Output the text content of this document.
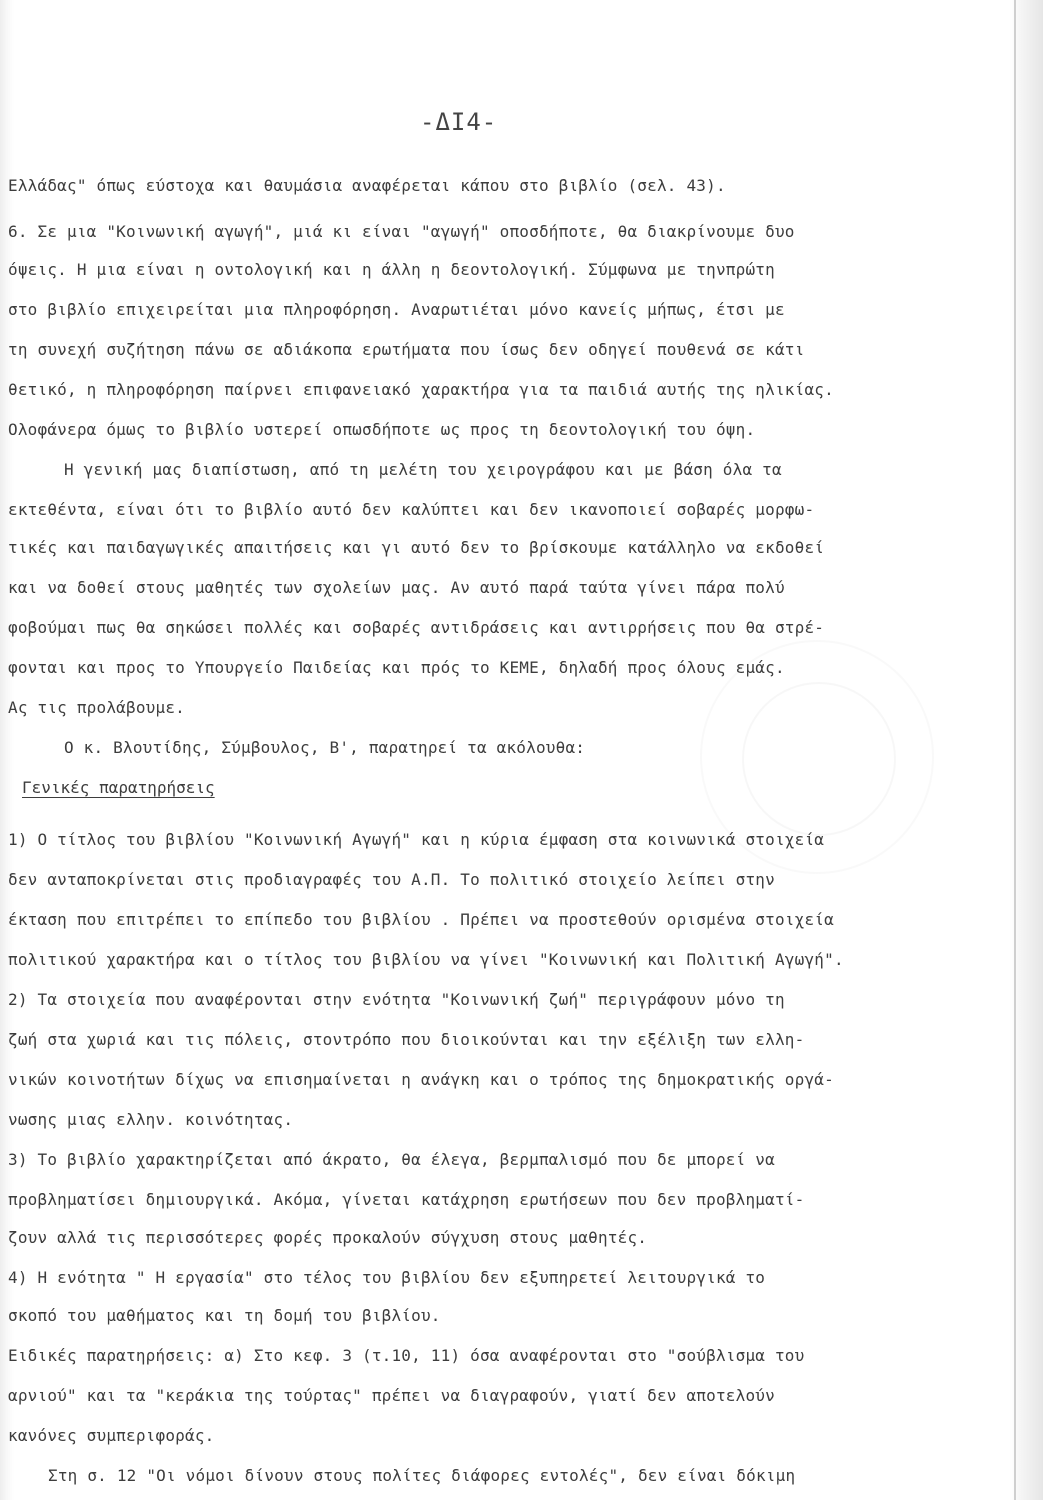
-ΔΙ4-
Ελλάδας" όπως εύστοχα και θαυμάσια αναφέρεται κάπου στο βιβλίο (σελ. 43).
6. Σε μια "Κοινωνική αγωγή", μιά κι είναι "αγωγή" οποσδήποτε, θα διακρίνουμε δυο
όψεις. Η μια είναι η οντολογική και η άλλη η δεοντολογική. Σύμφωνα με τηνπρώτη
στο βιβλίο επιχειρείται μια πληροφόρηση. Αναρωτιέται μόνο κανείς μήπως, έτσι με
τη συνεχή συζήτηση πάνω σε αδιάκοπα ερωτήματα που ίσως δεν οδηγεί πουθενά σε κάτι
θετικό, η πληροφόρηση παίρνει επιφανειακό χαρακτήρα για τα παιδιά αυτής της ηλικίας.
Ολοφάνερα όμως το βιβλίο υστερεί οπωσδήποτε ως προς τη δεοντολογική του όψη.
Η γενική μας διαπίστωση, από τη μελέτη του χειρογράφου και με βάση όλα τα
εκτεθέντα, είναι ότι το βιβλίο αυτό δεν καλύπτει και δεν ικανοποιεί σοβαρές μορφω-
τικές και παιδαγωγικές απαιτήσεις και γι αυτό δεν το βρίσκουμε κατάλληλο να εκδοθεί
και να δοθεί στους μαθητές των σχολείων μας. Αν αυτό παρά ταύτα γίνει πάρα πολύ
φοβούμαι πως θα σηκώσει πολλές και σοβαρές αντιδράσεις και αντιρρήσεις που θα στρέ-
φονται και προς το Υπουργείο Παιδείας και πρός το ΚΕΜΕ, δηλαδή προς όλους εμάς.
Ας τις προλάβουμε.
Ο κ. Βλουτίδης, Σύμβουλος, Β', παρατηρεί τα ακόλουθα:
Γενικές παρατηρήσεις
1) Ο τίτλος του βιβλίου "Κοινωνική Αγωγή" και η κύρια έμφαση στα κοινωνικά στοιχεία
δεν ανταποκρίνεται στις προδιαγραφές του Α.Π. Το πολιτικό στοιχείο λείπει στην
έκταση που επιτρέπει το επίπεδο του βιβλίου . Πρέπει να προστεθούν ορισμένα στοιχεία
πολιτικού χαρακτήρα και ο τίτλος του βιβλίου να γίνει "Κοινωνική και Πολιτική Αγωγή".
2) Τα στοιχεία που αναφέρονται στην ενότητα "Κοινωνική ζωή" περιγράφουν μόνο τη
ζωή στα χωριά και τις πόλεις, στοντρόπο που διοικούνται και την εξέλιξη των ελλη-
νικών κοινοτήτων δίχως να επισημαίνεται η ανάγκη και ο τρόπος της δημοκρατικής οργά-
νωσης μιας ελλην. κοινότητας.
3) Το βιβλίο χαρακτηρίζεται από άκρατο, θα έλεγα, βερμπαλισμό που δε μπορεί να
προβληματίσει δημιουργικά. Ακόμα, γίνεται κατάχρηση ερωτήσεων που δεν προβληματί-
ζουν αλλά τις περισσότερες φορές προκαλούν σύγχυση στους μαθητές.
4) Η ενότητα " Η εργασία" στο τέλος του βιβλίου δεν εξυπηρετεί λειτουργικά το
σκοπό του μαθήματος και τη δομή του βιβλίου.
Ειδικές παρατηρήσεις: α) Στο κεφ. 3 (τ.10, 11) όσα αναφέρονται στο "σούβλισμα του
αρνιού" και τα "κεράκια της τούρτας" πρέπει να διαγραφούν, γιατί δεν αποτελούν
κανόνες συμπεριφοράς.
Στη σ. 12 "Οι νόμοι δίνουν στους πολίτες διάφορες εντολές", δεν είναι δόκιμη
